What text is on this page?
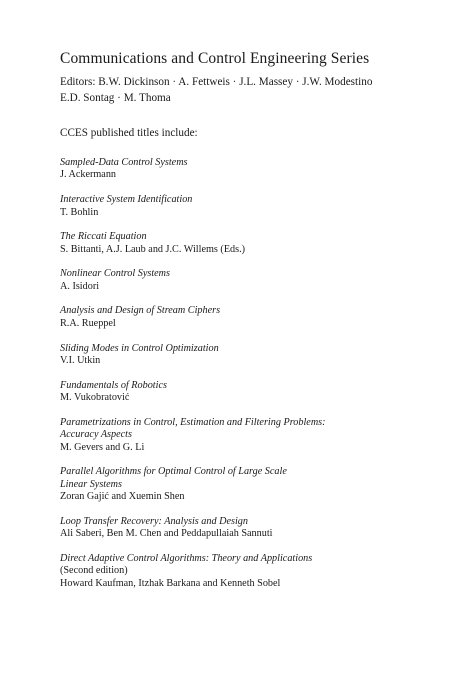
Communications and Control Engineering Series
Editors: B.W. Dickinson · A. Fettweis · J.L. Massey · J.W. Modestino
E.D. Sontag · M. Thoma
CCES published titles include:
Sampled-Data Control Systems
J. Ackermann
Interactive System Identification
T. Bohlin
The Riccati Equation
S. Bittanti, A.J. Laub and J.C. Willems (Eds.)
Nonlinear Control Systems
A. Isidori
Analysis and Design of Stream Ciphers
R.A. Rueppel
Sliding Modes in Control Optimization
V.I. Utkin
Fundamentals of Robotics
M. Vukobratović
Parametrizations in Control, Estimation and Filtering Problems:
Accuracy Aspects
M. Gevers and G. Li
Parallel Algorithms for Optimal Control of Large Scale
Linear Systems
Zoran Gajić and Xuemin Shen
Loop Transfer Recovery: Analysis and Design
Ali Saberi, Ben M. Chen and Peddapullaiah Sannuti
Direct Adaptive Control Algorithms: Theory and Applications
(Second edition)
Howard Kaufman, Itzhak Barkana and Kenneth Sobel
